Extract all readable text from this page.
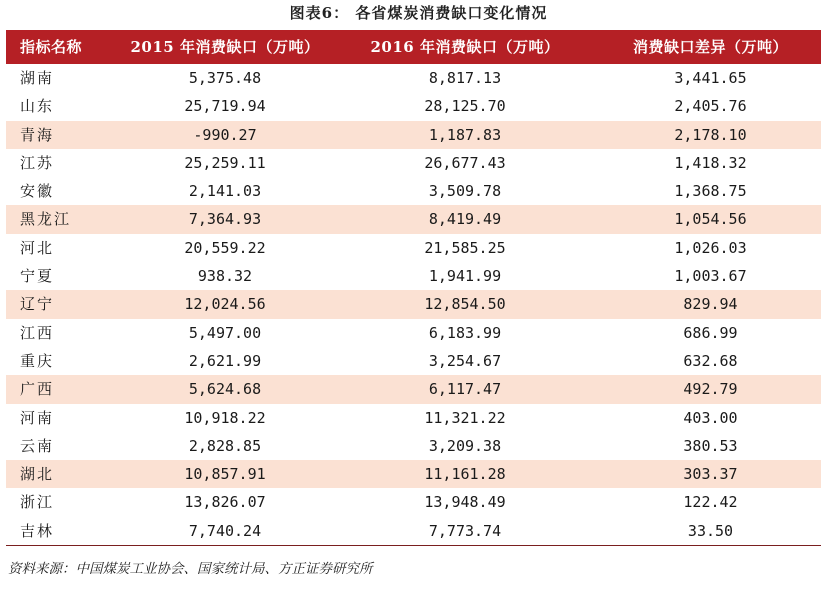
图表6： 各省煤炭消费缺口变化情况
指标名称	2015 年消费缺口（万吨）	2016 年消费缺口（万吨）	消费缺口差异（万吨）
湖南	5,375.48	8,817.13	3,441.65
山东	25,719.94	28,125.70	2,405.76
青海	-990.27	1,187.83	2,178.10
江苏	25,259.11	26,677.43	1,418.32
安徽	2,141.03	3,509.78	1,368.75
黑龙江	7,364.93	8,419.49	1,054.56
河北	20,559.22	21,585.25	1,026.03
宁夏	938.32	1,941.99	1,003.67
辽宁	12,024.56	12,854.50	829.94
江西	5,497.00	6,183.99	686.99
重庆	2,621.99	3,254.67	632.68
广西	5,624.68	6,117.47	492.79
河南	10,918.22	11,321.22	403.00
云南	2,828.85	3,209.38	380.53
湖北	10,857.91	11,161.28	303.37
浙江	13,826.07	13,948.49	122.42
吉林	7,740.24	7,773.74	33.50
资料来源：中国煤炭工业协会、国家统计局、方正证券研究所
